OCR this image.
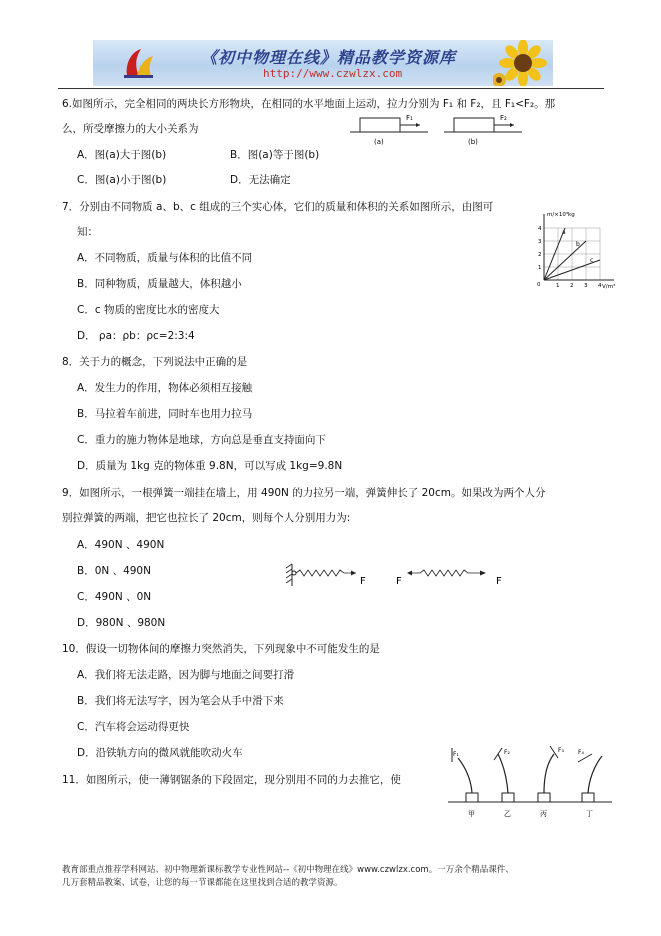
《初中物理在线》精品教学资源库
http://www.czwlzx.com
6.如图所示，完全相同的两块长方形物块，在相同的水平地面上运动，拉力分别为 F₁ 和 F₂，且 F₁<F₂。那
么，所受摩擦力的大小关系为
F₁
(a)
F₂
(b)
A．图(a)大于图(b)	B．图(a)等于图(b)
C．图(a)小于图(b)	D．无法确定
7．分别由不同物质 a、b、c 组成的三个实心体，它们的质量和体积的关系如图所示，由图可
知：	a
b
c
m/×10³kg
V/m³
0	1 2 3 4
1
2
3
4
A．不同物质，质量与体积的比值不同
B．同种物质，质量越大，体积越小
C．c 物质的密度比水的密度大
D． ρa：ρb：ρc=2:3:4
8．关于力的概念，下列说法中正确的是
A．发生力的作用，物体必须相互接触
B．马拉着车前进，同时车也用力拉马
C．重力的施力物体是地球，方向总是垂直支持面向下
D．质量为 1kg 克的物体重 9.8N，可以写成 1kg=9.8N
9．如图所示，一根弹簧一端挂在墙上，用 490N 的力拉另一端，弹簧伸长了 20cm。如果改为两个人分
别拉弹簧的两端，把它也拉长了 20cm，则每个人分别用力为:
A．490N 、490N
B．0N 、490N
C．490N 、0N
D．980N 、980N
F	F	F
10．假设一切物体间的摩擦力突然消失，下列现象中不可能发生的是
A．我们将无法走路，因为脚与地面之间要打滑
B．我们将无法写字，因为笔会从手中滑下来
C．汽车将会运动得更快
D．沿铁轨方向的微风就能吹动火车
11．如图所示，使一薄钢锯条的下段固定，现分别用不同的力去推它，使
F₁
甲
F₂
乙
F₃
丙
F₄
丁
教育部重点推荐学科网站、初中物理新课标教学专业性网站--《初中物理在线》www.czwlzx.com。一万余个精品课件、
几万套精品教案、试卷，让您的每一节课都能在这里找到合适的教学资源。
